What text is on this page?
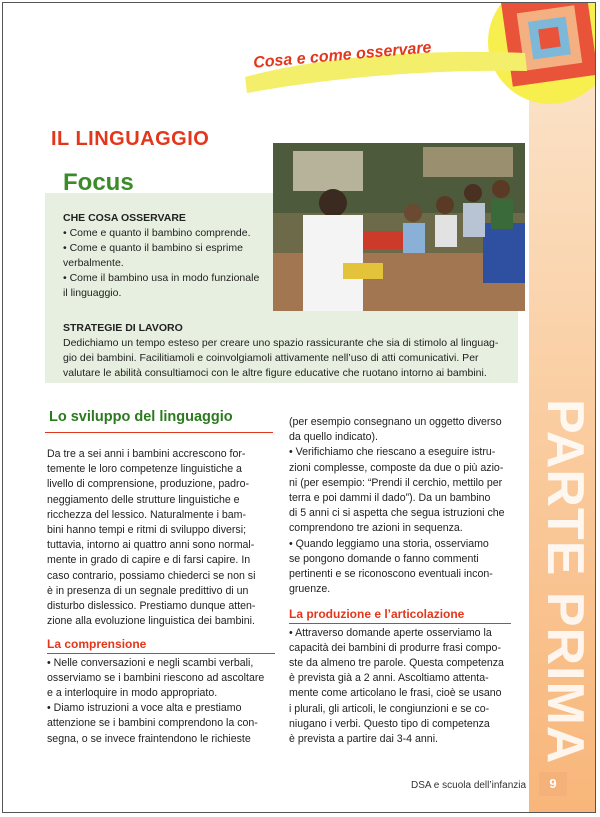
Cosa e come osservare
IL LINGUAGGIO
Focus
CHE COSA OSSERVARE
• Come e quanto il bambino comprende.
• Come e quanto il bambino si esprime
verbalmente.
• Come il bambino usa in modo funzionale
il linguaggio.
STRATEGIE DI LAVORO
Dedichiamo un tempo esteso per creare uno spazio rassicurante che sia di stimolo al linguag-
gio dei bambini. Facilitiamoli e coinvolgiamoli attivamente nell’uso di atti comunicativi. Per
valutare le abilità consultiamoci con le altre figure educative che ruotano intorno ai bambini.
Lo sviluppo del linguaggio
Da tre a sei anni i bambini accrescono for-
temente le loro competenze linguistiche a
livello di comprensione, produzione, padro-
neggiamento delle strutture linguistiche e
ricchezza del lessico. Naturalmente i bam-
bini hanno tempi e ritmi di sviluppo diversi;
tuttavia, intorno ai quattro anni sono normal-
mente in grado di capire e di farsi capire. In
caso contrario, possiamo chiederci se non si
è in presenza di un segnale predittivo di un
disturbo dislessico. Prestiamo dunque atten-
zione alla evoluzione linguistica dei bambini.
La comprensione
• Nelle conversazioni e negli scambi verbali,
osserviamo se i bambini riescono ad ascoltare
e a interloquire in modo appropriato.
• Diamo istruzioni a voce alta e prestiamo
attenzione se i bambini comprendono la con-
segna, o se invece fraintendono le richieste
(per esempio consegnano un oggetto diverso
da quello indicato).
• Verifichiamo che riescano a eseguire istru-
zioni complesse, composte da due o più azio-
ni (per esempio: “Prendi il cerchio, mettilo per
terra e poi dammi il dado”). Da un bambino
di 5 anni ci si aspetta che segua istruzioni che
comprendono tre azioni in sequenza.
• Quando leggiamo una storia, osserviamo
se pongono domande o fanno commenti
pertinenti e se riconoscono eventuali incon-
gruenze.
La produzione e l’articolazione
• Attraverso domande aperte osserviamo la
capacità dei bambini di produrre frasi compo-
ste da almeno tre parole. Questa competenza
è prevista già a 2 anni. Ascoltiamo attenta-
mente come articolano le frasi, cioè se usano
i plurali, gli articoli, le congiunzioni e se co-
niugano i verbi. Questo tipo di competenza
è prevista a partire dai 3-4 anni.	PARTE PRIMA
DSA e scuola dell’infanzia	9
